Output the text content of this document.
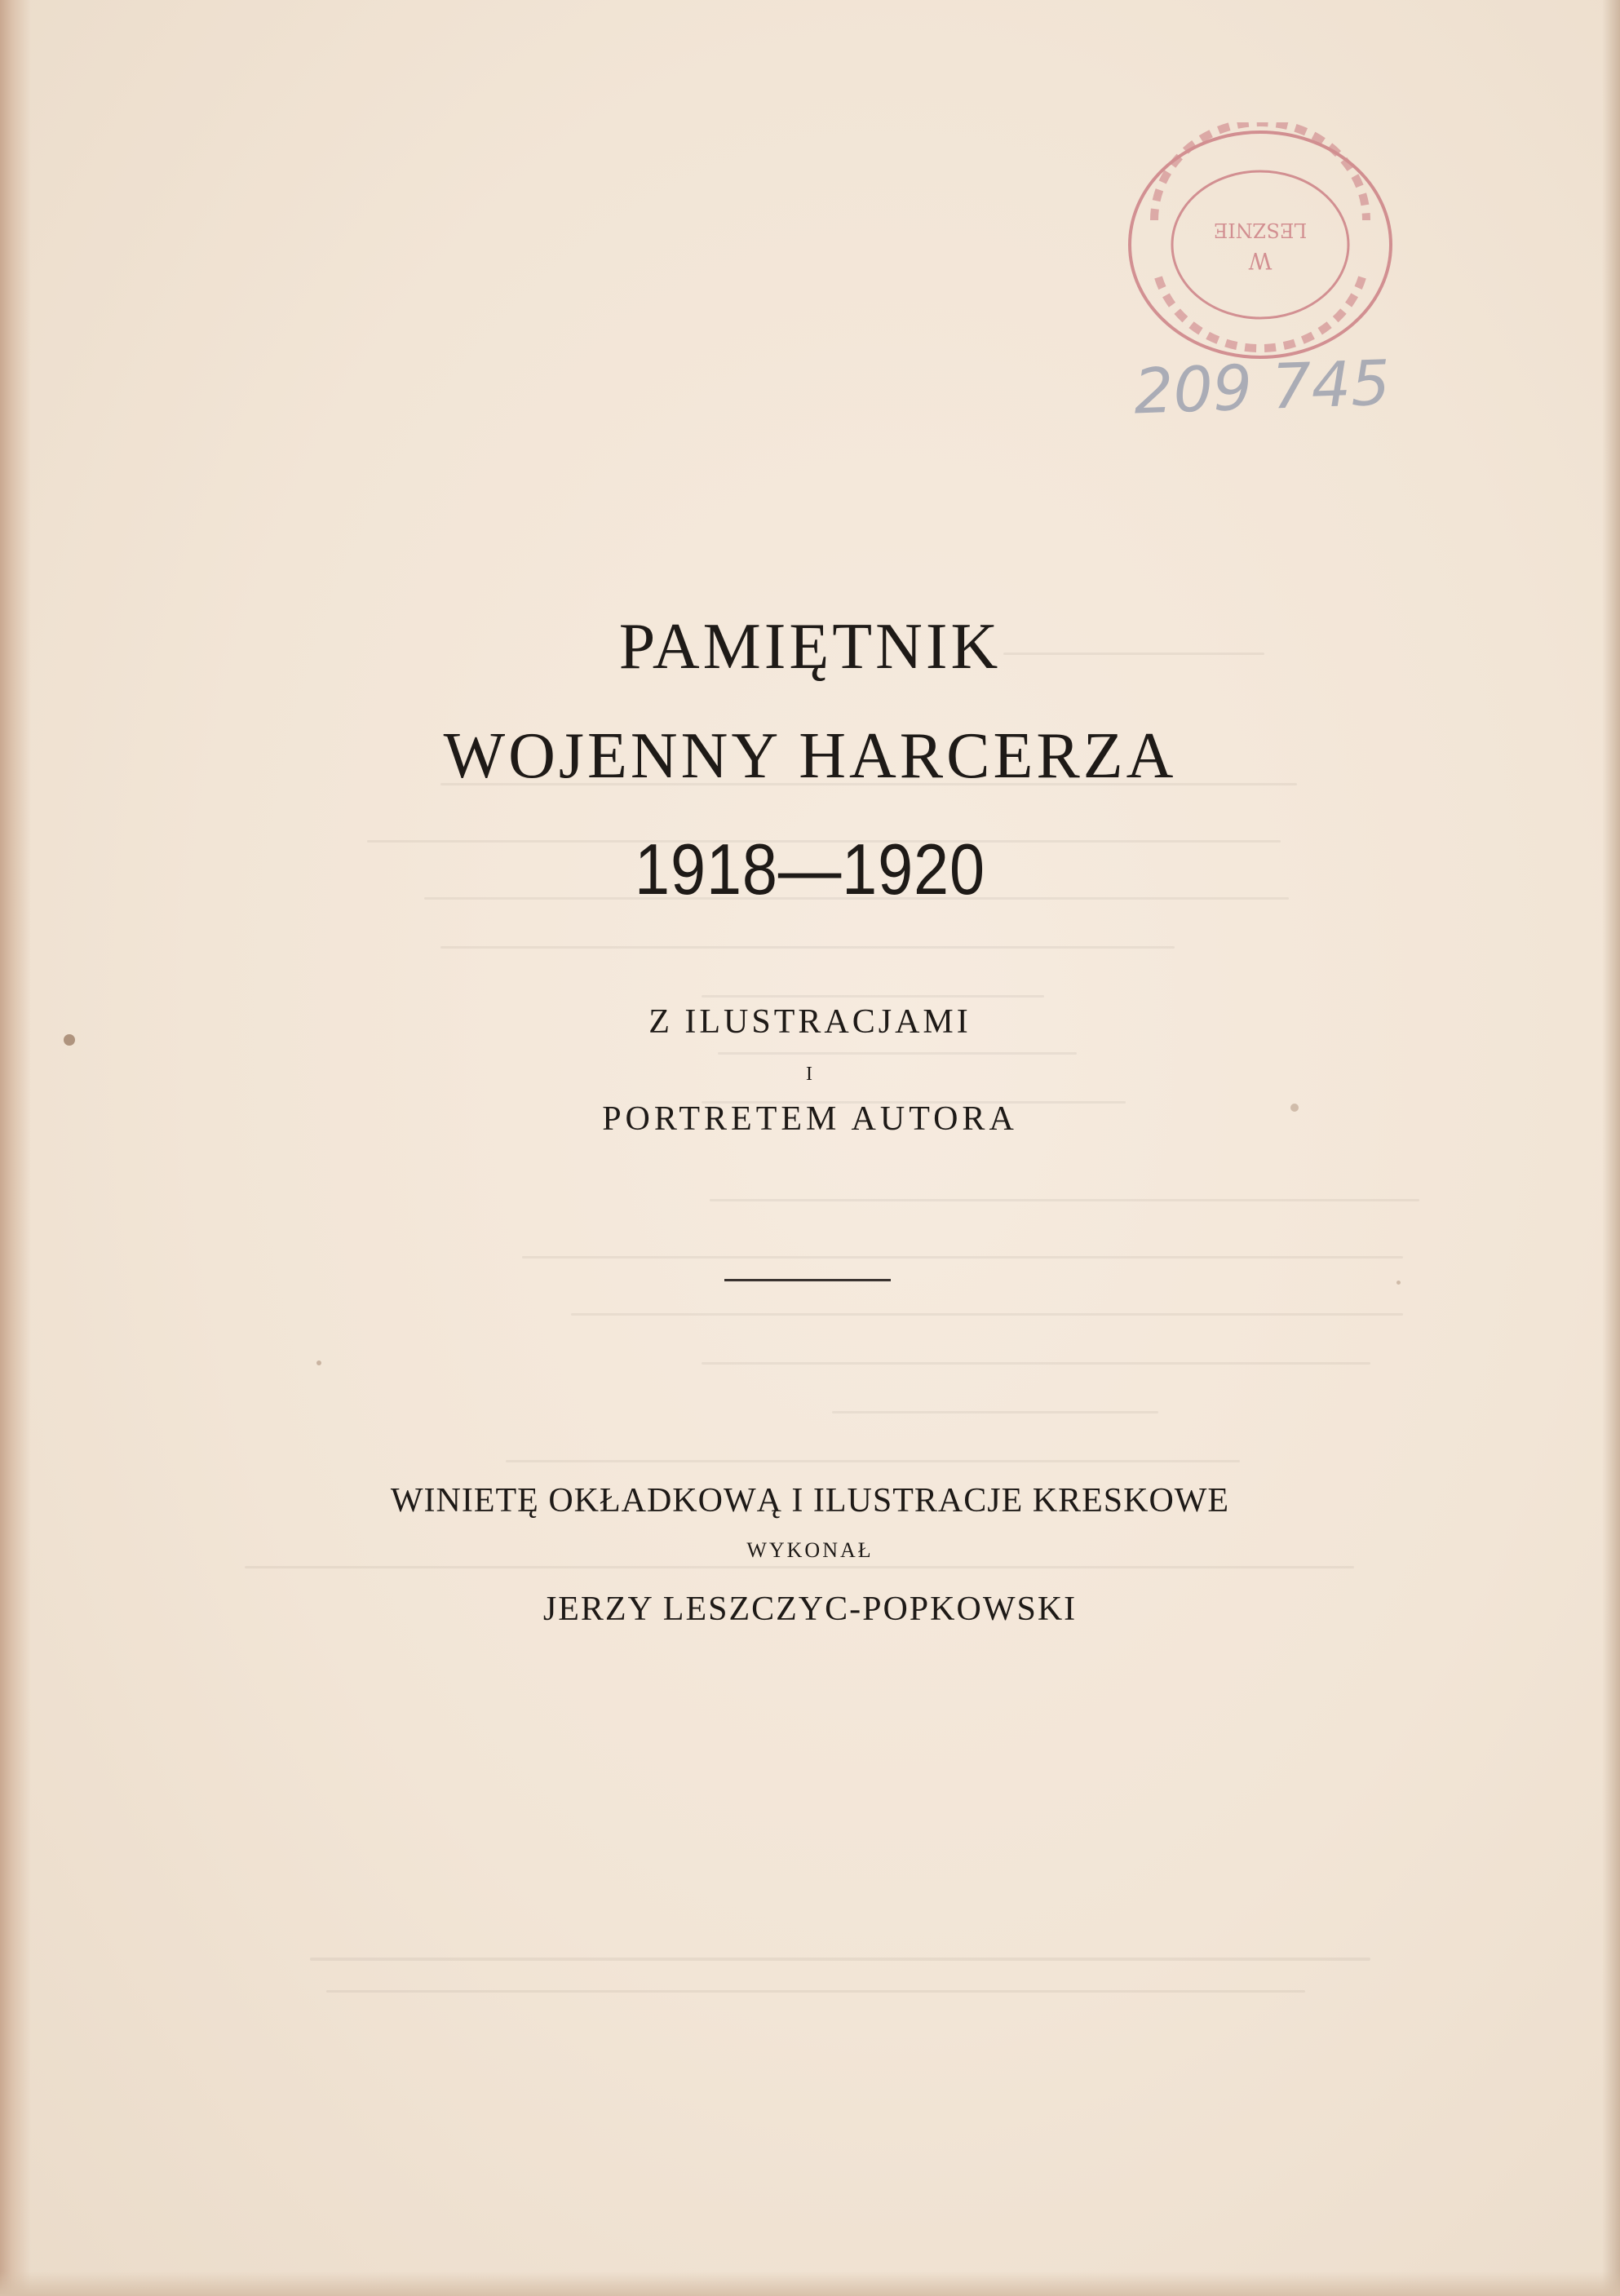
W
LESZNIE
209 745
PAMIĘTNIK
WOJENNY HARCERZA
1918—1920
Z ILUSTRACJAMI
I
PORTRETEM AUTORA
WINIETĘ OKŁADKOWĄ I ILUSTRACJE KRESKOWE
WYKONAŁ
JERZY LESZCZYC-POPKOWSKI
